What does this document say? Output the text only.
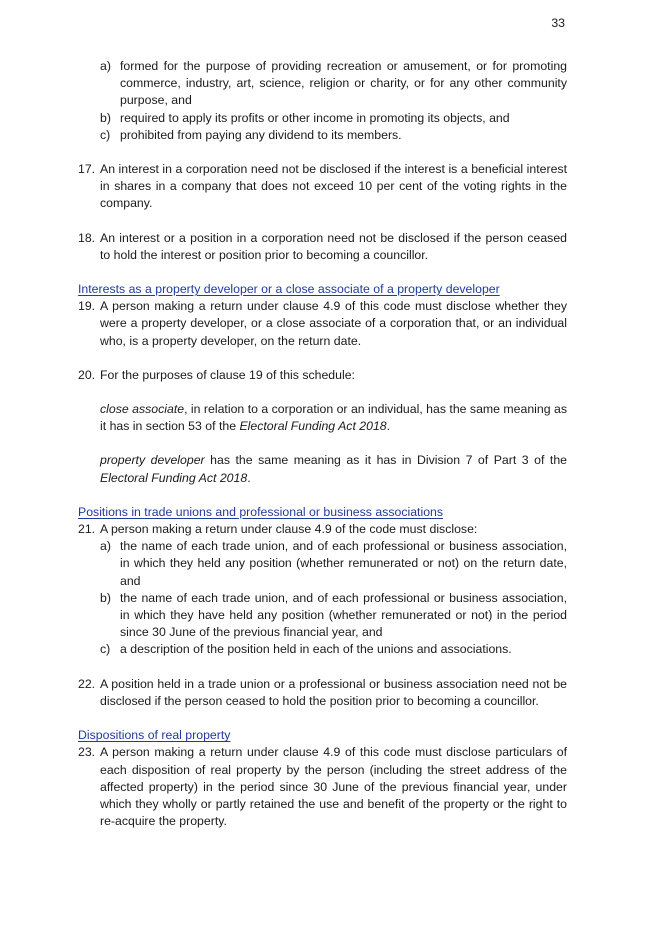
33
a) formed for the purpose of providing recreation or amusement, or for promoting commerce, industry, art, science, religion or charity, or for any other community purpose, and
b) required to apply its profits or other income in promoting its objects, and
c) prohibited from paying any dividend to its members.
17. An interest in a corporation need not be disclosed if the interest is a beneficial interest in shares in a company that does not exceed 10 per cent of the voting rights in the company.
18. An interest or a position in a corporation need not be disclosed if the person ceased to hold the interest or position prior to becoming a councillor.
Interests as a property developer or a close associate of a property developer
19. A person making a return under clause 4.9 of this code must disclose whether they were a property developer, or a close associate of a corporation that, or an individual who, is a property developer, on the return date.
20. For the purposes of clause 19 of this schedule:
close associate, in relation to a corporation or an individual, has the same meaning as it has in section 53 of the Electoral Funding Act 2018.
property developer has the same meaning as it has in Division 7 of Part 3 of the Electoral Funding Act 2018.
Positions in trade unions and professional or business associations
21. A person making a return under clause 4.9 of the code must disclose:
a) the name of each trade union, and of each professional or business association, in which they held any position (whether remunerated or not) on the return date, and
b) the name of each trade union, and of each professional or business association, in which they have held any position (whether remunerated or not) in the period since 30 June of the previous financial year, and
c) a description of the position held in each of the unions and associations.
22. A position held in a trade union or a professional or business association need not be disclosed if the person ceased to hold the position prior to becoming a councillor.
Dispositions of real property
23. A person making a return under clause 4.9 of this code must disclose particulars of each disposition of real property by the person (including the street address of the affected property) in the period since 30 June of the previous financial year, under which they wholly or partly retained the use and benefit of the property or the right to re-acquire the property.
